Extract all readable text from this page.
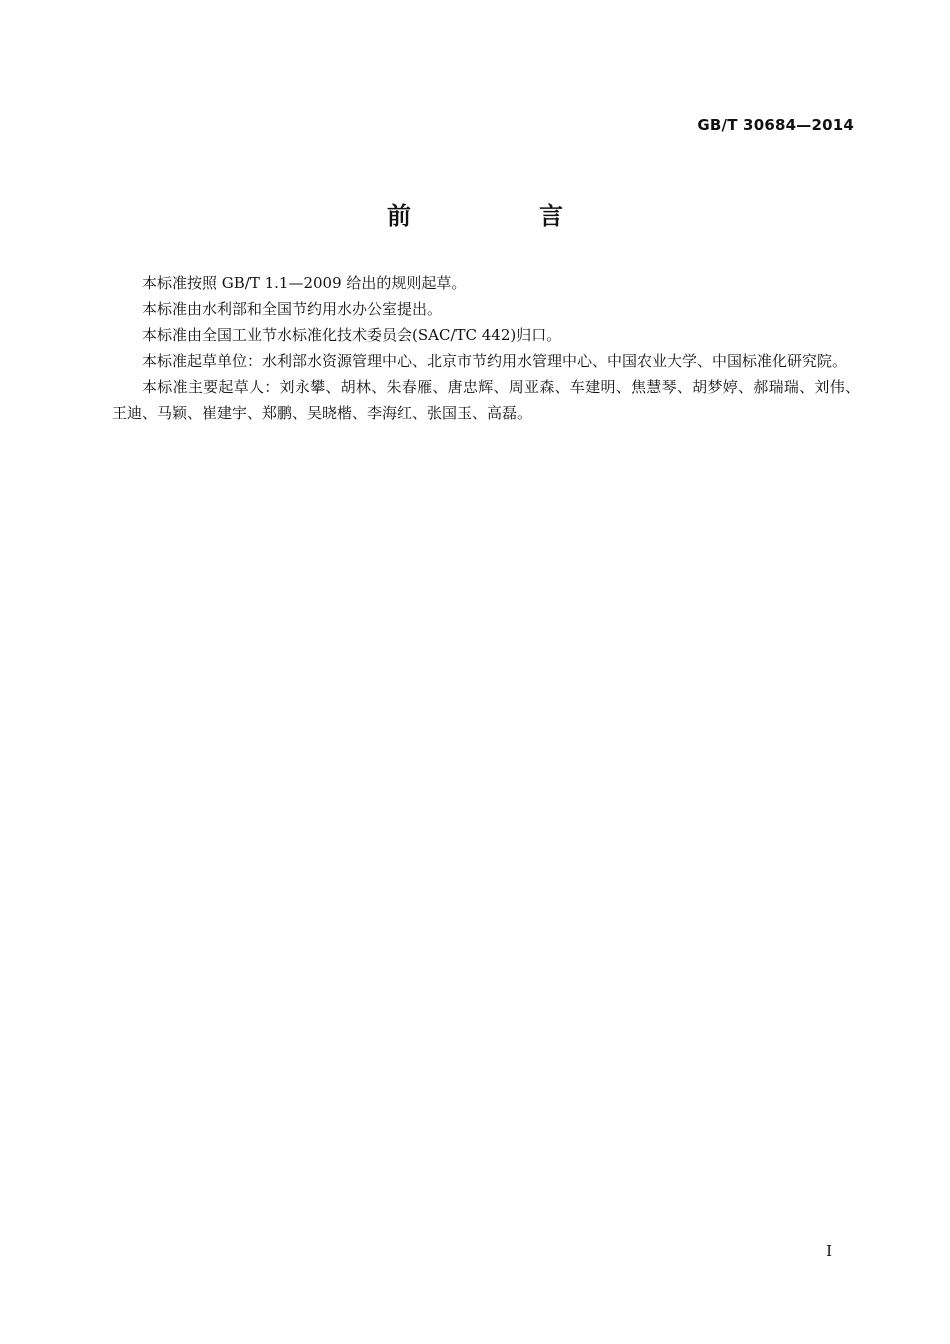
GB/T 30684—2014
前　言

本标准按照 GB/T 1.1—2009 给出的规则起草。

本标准由水利部和全国节约用水办公室提出。

本标准由全国工业节水标准化技术委员会(SAC/TC 442)归口。

本标准起草单位：水利部水资源管理中心、北京市节约用水管理中心、中国农业大学、中国标准化研究院。

本标准主要起草人：刘永攀、胡林、朱春雁、唐忠辉、周亚森、车建明、焦慧琴、胡梦婷、郝瑞瑞、刘伟、王迪、马颖、崔建宇、郑鹏、吴晓楷、李海红、张国玉、高磊。

I
